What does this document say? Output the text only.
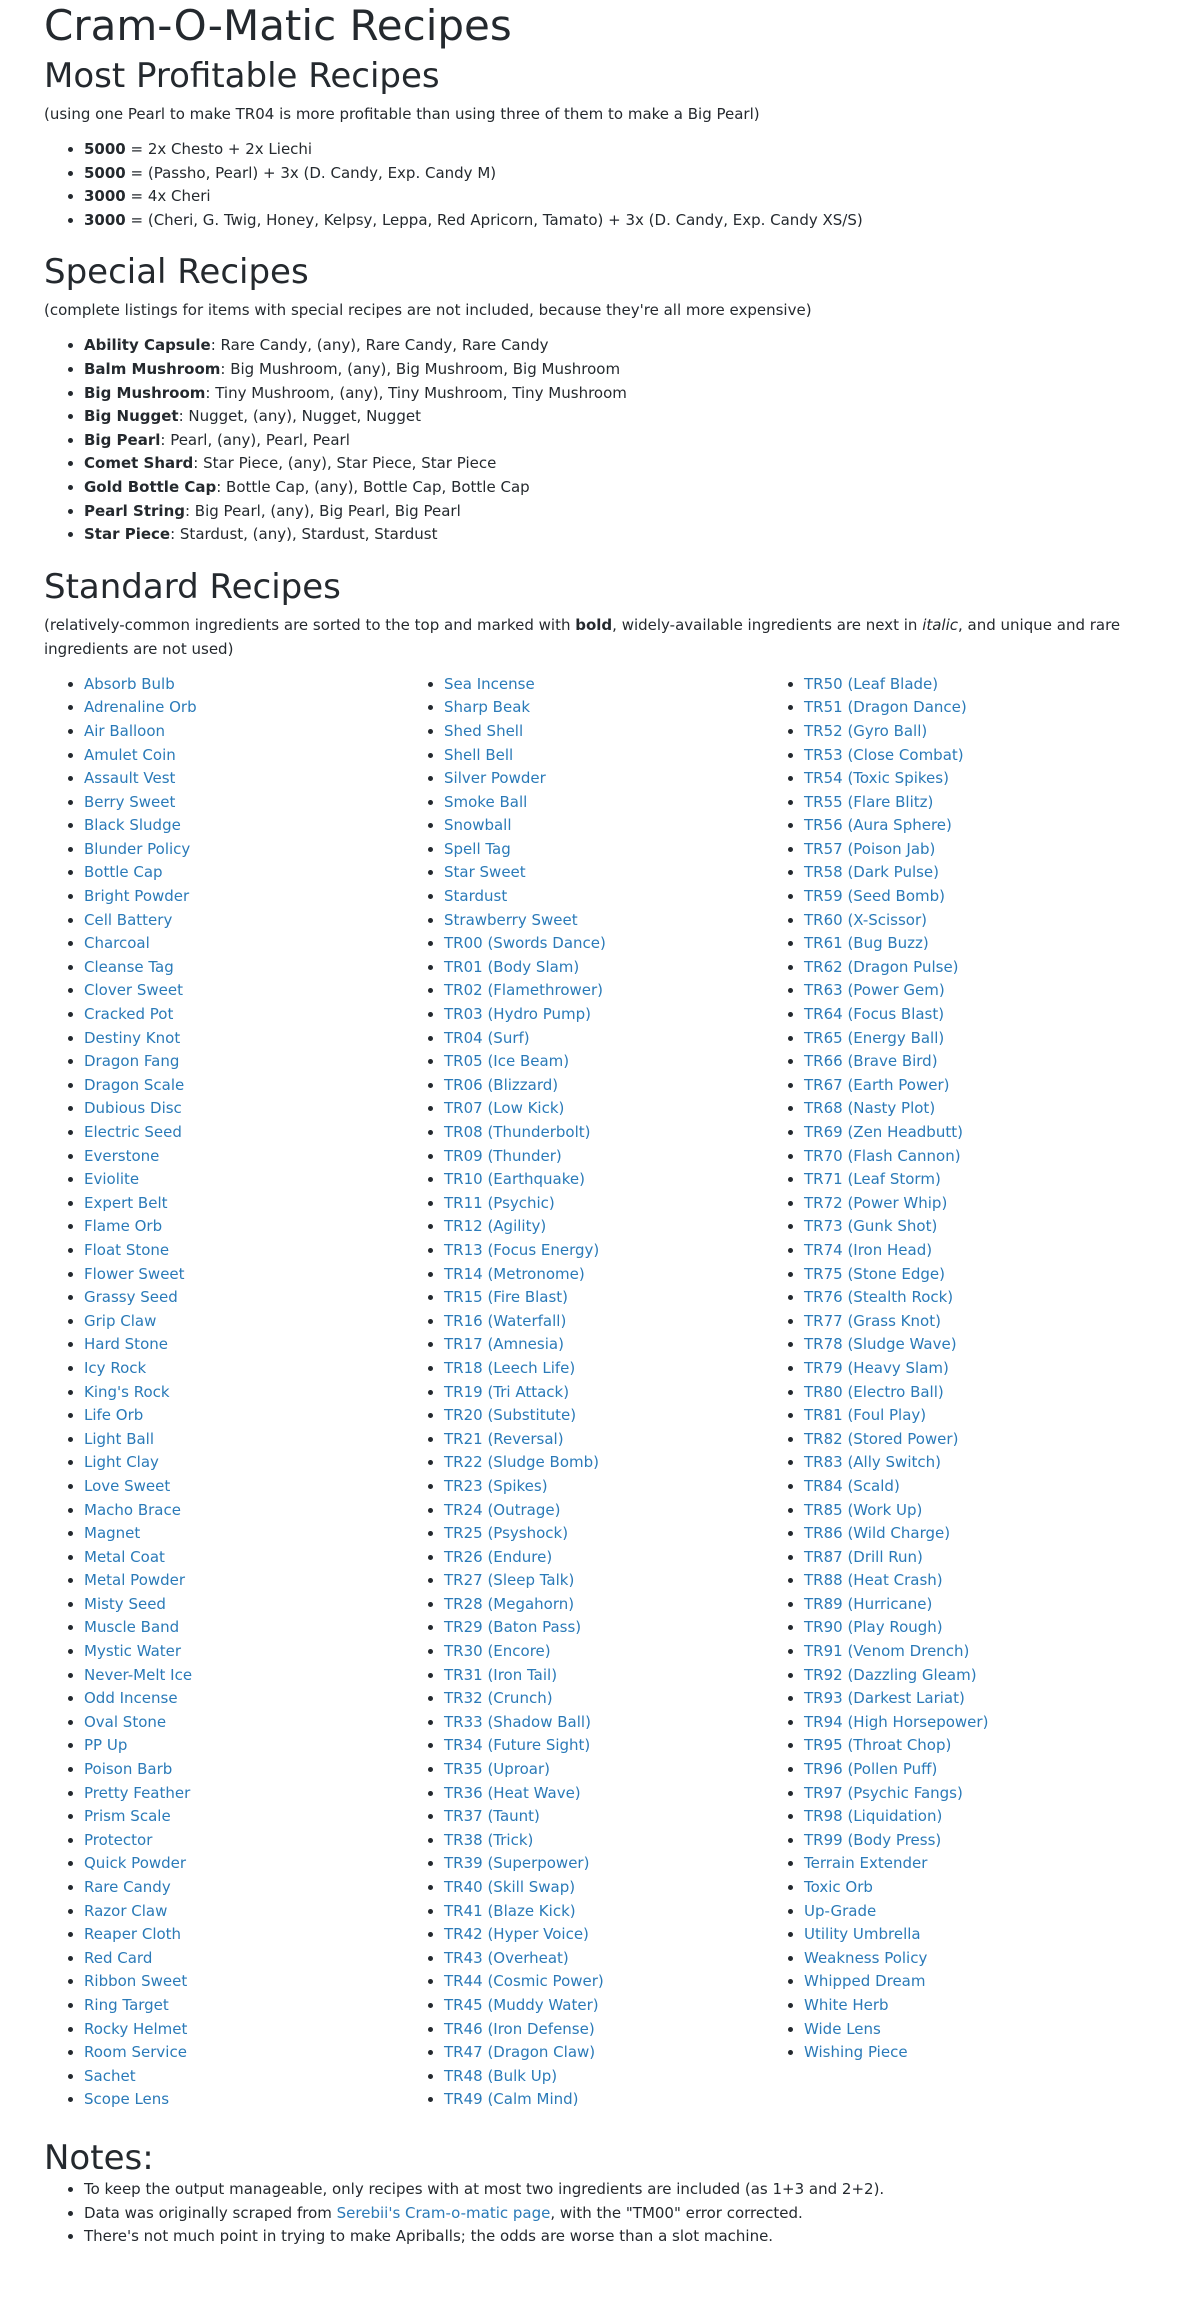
Cram-O-Matic Recipes
Most Profitable Recipes

(using one Pearl to make TR04 is more profitable than using three of them to make a Big Pearl)

• 5000 = 2x Chesto + 2x Liechi
• 5000 = (Passho, Pearl) + 3x (D. Candy, Exp. Candy M)
• 3000 = 4x Cheri
• 3000 = (Cheri, G. Twig, Honey, Kelpsy, Leppa, Red Apricorn, Tamato) + 3x (D. Candy, Exp. Candy XS/S)
Special Recipes

(complete listings for items with special recipes are not included, because they're all more expensive)

• Ability Capsule: Rare Candy, (any), Rare Candy, Rare Candy
• Balm Mushroom: Big Mushroom, (any), Big Mushroom, Big Mushroom
• Big Mushroom: Tiny Mushroom, (any), Tiny Mushroom, Tiny Mushroom
• Big Nugget: Nugget, (any), Nugget, Nugget
• Big Pearl: Pearl, (any), Pearl, Pearl
• Comet Shard: Star Piece, (any), Star Piece, Star Piece
• Gold Bottle Cap: Bottle Cap, (any), Bottle Cap, Bottle Cap
• Pearl String: Big Pearl, (any), Big Pearl, Big Pearl
• Star Piece: Stardust, (any), Stardust, Stardust
Standard Recipes

(relatively-common ingredients are sorted to the top and marked with bold, widely-available ingredients are next in italic, and unique and rare ingredients are not used)

• Absorb Bulb
• Adrenaline Orb
• Air Balloon
• Amulet Coin
• Assault Vest
• Berry Sweet
• Black Sludge
• Blunder Policy
• Bottle Cap
• Bright Powder
• Cell Battery
• Charcoal
• Cleanse Tag
• Clover Sweet
• Cracked Pot
• Destiny Knot
• Dragon Fang
• Dragon Scale
• Dubious Disc
• Electric Seed
• Everstone
• Eviolite
• Expert Belt
• Flame Orb
• Float Stone
• Flower Sweet
• Grassy Seed
• Grip Claw
• Hard Stone
• Icy Rock
• King's Rock
• Life Orb
• Light Ball
• Light Clay
• Love Sweet
• Macho Brace
• Magnet
• Metal Coat
• Metal Powder
• Misty Seed
• Muscle Band
• Mystic Water
• Never-Melt Ice
• Odd Incense
• Oval Stone
• PP Up
• Poison Barb
• Pretty Feather
• Prism Scale
• Protector
• Quick Powder
• Rare Candy
• Razor Claw
• Reaper Cloth
• Red Card
• Ribbon Sweet
• Ring Target
• Rocky Helmet
• Room Service
• Sachet
• Scope Lens
• Sea Incense
• Sharp Beak
• Shed Shell
• Shell Bell
• Silver Powder
• Smoke Ball
• Snowball
• Spell Tag
• Star Sweet
• Stardust
• Strawberry Sweet
• TR00 (Swords Dance)
• TR01 (Body Slam)
• TR02 (Flamethrower)
• TR03 (Hydro Pump)
• TR04 (Surf)
• TR05 (Ice Beam)
• TR06 (Blizzard)
• TR07 (Low Kick)
• TR08 (Thunderbolt)
• TR09 (Thunder)
• TR10 (Earthquake)
• TR11 (Psychic)
• TR12 (Agility)
• TR13 (Focus Energy)
• TR14 (Metronome)
• TR15 (Fire Blast)
• TR16 (Waterfall)
• TR17 (Amnesia)
• TR18 (Leech Life)
• TR19 (Tri Attack)
• TR20 (Substitute)
• TR21 (Reversal)
• TR22 (Sludge Bomb)
• TR23 (Spikes)
• TR24 (Outrage)
• TR25 (Psyshock)
• TR26 (Endure)
• TR27 (Sleep Talk)
• TR28 (Megahorn)
• TR29 (Baton Pass)
• TR30 (Encore)
• TR31 (Iron Tail)
• TR32 (Crunch)
• TR33 (Shadow Ball)
• TR34 (Future Sight)
• TR35 (Uproar)
• TR36 (Heat Wave)
• TR37 (Taunt)
• TR38 (Trick)
• TR39 (Superpower)
• TR40 (Skill Swap)
• TR41 (Blaze Kick)
• TR42 (Hyper Voice)
• TR43 (Overheat)
• TR44 (Cosmic Power)
• TR45 (Muddy Water)
• TR46 (Iron Defense)
• TR47 (Dragon Claw)
• TR48 (Bulk Up)
• TR49 (Calm Mind)
• TR50 (Leaf Blade)
• TR51 (Dragon Dance)
• TR52 (Gyro Ball)
• TR53 (Close Combat)
• TR54 (Toxic Spikes)
• TR55 (Flare Blitz)
• TR56 (Aura Sphere)
• TR57 (Poison Jab)
• TR58 (Dark Pulse)
• TR59 (Seed Bomb)
• TR60 (X-Scissor)
• TR61 (Bug Buzz)
• TR62 (Dragon Pulse)
• TR63 (Power Gem)
• TR64 (Focus Blast)
• TR65 (Energy Ball)
• TR66 (Brave Bird)
• TR67 (Earth Power)
• TR68 (Nasty Plot)
• TR69 (Zen Headbutt)
• TR70 (Flash Cannon)
• TR71 (Leaf Storm)
• TR72 (Power Whip)
• TR73 (Gunk Shot)
• TR74 (Iron Head)
• TR75 (Stone Edge)
• TR76 (Stealth Rock)
• TR77 (Grass Knot)
• TR78 (Sludge Wave)
• TR79 (Heavy Slam)
• TR80 (Electro Ball)
• TR81 (Foul Play)
• TR82 (Stored Power)
• TR83 (Ally Switch)
• TR84 (Scald)
• TR85 (Work Up)
• TR86 (Wild Charge)
• TR87 (Drill Run)
• TR88 (Heat Crash)
• TR89 (Hurricane)
• TR90 (Play Rough)
• TR91 (Venom Drench)
• TR92 (Dazzling Gleam)
• TR93 (Darkest Lariat)
• TR94 (High Horsepower)
• TR95 (Throat Chop)
• TR96 (Pollen Puff)
• TR97 (Psychic Fangs)
• TR98 (Liquidation)
• TR99 (Body Press)
• Terrain Extender
• Toxic Orb
• Up-Grade
• Utility Umbrella
• Weakness Policy
• Whipped Dream
• White Herb
• Wide Lens
• Wishing Piece
Notes:
• To keep the output manageable, only recipes with at most two ingredients are included (as 1+3 and 2+2).
• Data was originally scraped from Serebii's Cram-o-matic page, with the "TM00" error corrected.
• There's not much point in trying to make Apriballs; the odds are worse than a slot machine.
